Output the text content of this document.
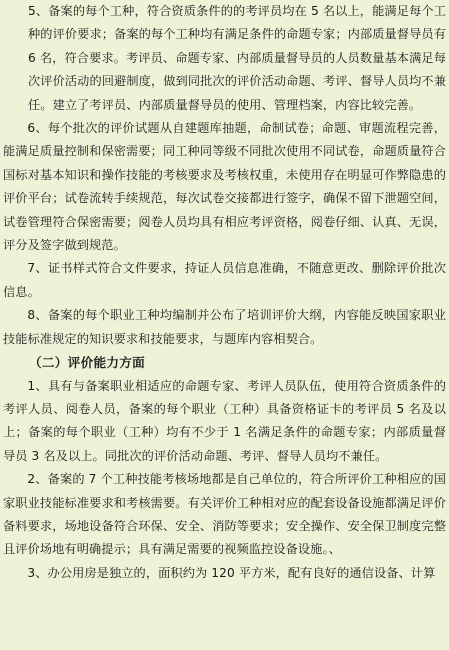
5、备案的每个工种，符合资质条件的的考评员均在 5 名以上，能满足每个工种的评价要求；备案的每个工种均有满足条件的命题专家；内部质量督导员有 6 名，符合要求。考评员、命题专家、内部质量督导员的人员数量基本满足每次评价活动的回避制度，做到同批次的评价活动命题、考评、督导人员均不兼任。建立了考评员、内部质量督导员的使用、管理档案，内容比较完善。

6、每个批次的评价试题从自建题库抽题，命制试卷；命题、审题流程完善，能满足质量控制和保密需要；同工种同等级不同批次使用不同试卷，命题质量符合国标对基本知识和操作技能的考核要求及考核权重，未使用存在明显可作弊隐患的评价平台；试卷流转手续规范，每次试卷交接都进行签字，确保不留下泄题空间，试卷管理符合保密需要；阅卷人员均具有相应考评资格，阅卷仔细、认真、无误，评分及签字做到规范。

7、证书样式符合文件要求，持证人员信息准确，不随意更改、删除评价批次信息。

8、备案的每个职业工种均编制并公布了培训评价大纲，内容能反映国家职业技能标准规定的知识要求和技能要求，与题库内容相契合。

（二）评价能力方面

1、具有与备案职业相适应的命题专家、考评人员队伍，使用符合资质条件的考评人员、阅卷人员，备案的每个职业（工种）具备资格证卡的考评员 5 名及以上；备案的每个职业（工种）均有不少于 1 名满足条件的命题专家；内部质量督导员 3 名及以上。同批次的评价活动命题、考评、督导人员均不兼任。

2、备案的 7 个工种技能考核场地都是自己单位的，符合所评价工种相应的国家职业技能标准要求和考核需要。有关评价工种相对应的配套设备设施都满足评价备料要求，场地设备符合环保、安全、消防等要求；安全操作、安全保卫制度完整且评价场地有明确提示；具有满足需要的视频监控设备设施。、

3、办公用房是独立的，面积约为 120 平方米，配有良好的通信设备、计算
